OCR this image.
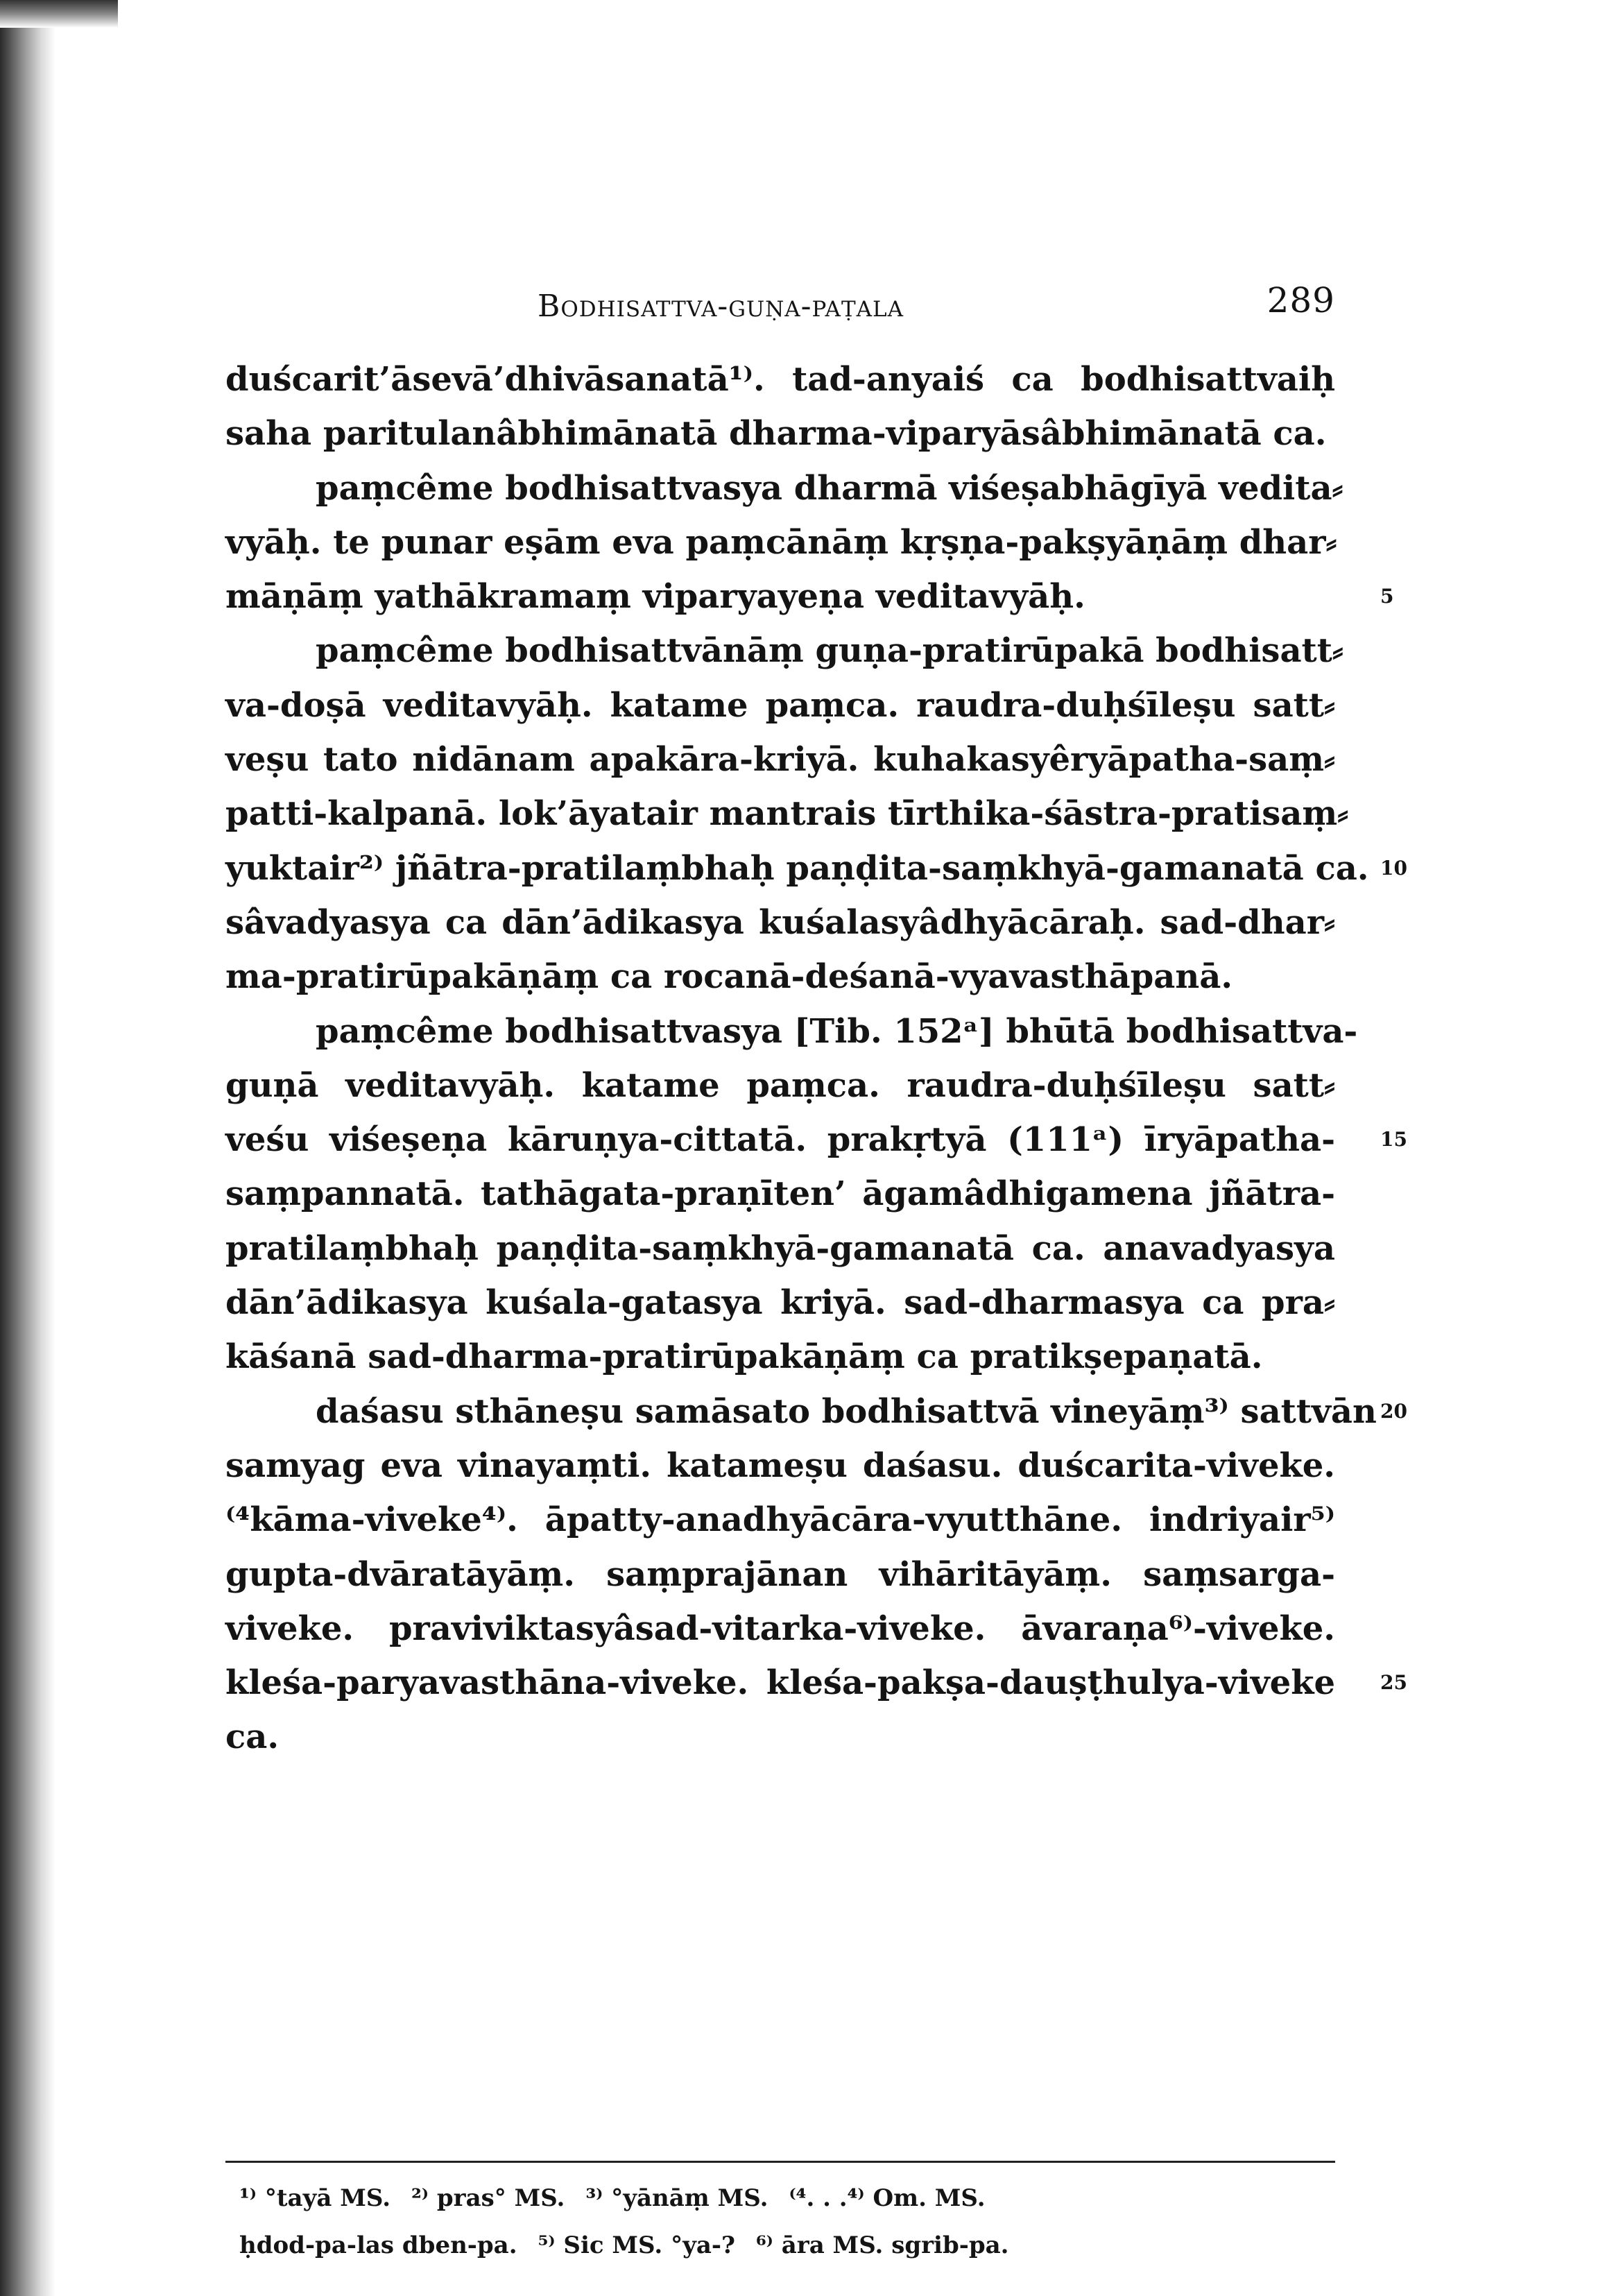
Bodhisattva-guṇa-paṭala	289
duścarit’āsevā’dhivāsanatā¹⁾. tad-anyaiś ca bodhisattvaiḥ
saha paritulanâbhimānatā dharma-viparyāsâbhimānatā ca.
paṃcême bodhisattvasya dharmā viśeṣabhāgīyā vedita⸗
vyāḥ. te punar eṣām eva paṃcānāṃ kṛṣṇa-pakṣyāṇāṃ dhar⸗
māṇāṃ yathākramaṃ viparyayeṇa veditavyāḥ.	5
paṃcême bodhisattvānāṃ guṇa-pratirūpakā bodhisatt⸗
va-doṣā veditavyāḥ. katame paṃca. raudra-duḥśīleṣu satt⸗
veṣu tato nidānam apakāra-kriyā. kuhakasyêryāpatha-saṃ⸗
patti-kalpanā. lok’āyatair mantrais tīrthika-śāstra-pratisaṃ⸗
yuktair²⁾ jñātra-pratilaṃbhaḥ paṇḍita-saṃkhyā-gamanatā ca. 10
sâvadyasya ca dān’ādikasya kuśalasyâdhyācāraḥ. sad-dhar⸗
ma-pratirūpakāṇāṃ ca rocanā-deśanā-vyavasthāpanā.
paṃcême bodhisattvasya [Tib. 152ᵃ] bhūtā bodhisattva-
guṇā veditavyāḥ. katame paṃca. raudra-duḥśīleṣu satt⸗
veśu viśeṣeṇa kāruṇya-cittatā. prakṛtyā (111ᵃ) īryāpatha- 15
saṃpannatā. tathāgata-praṇīten’ āgamâdhigamena jñātra-
pratilaṃbhaḥ paṇḍita-saṃkhyā-gamanatā ca. anavadyasya
dān’ādikasya kuśala-gatasya kriyā. sad-dharmasya ca pra⸗
kāśanā sad-dharma-pratirūpakāṇāṃ ca pratikṣepaṇatā.
daśasu sthāneṣu samāsato bodhisattvā vineyāṃ³⁾ sattvān 20
samyag eva vinayaṃti. katameṣu daśasu. duścarita-viveke.
⁽⁴kāma-viveke⁴⁾. āpatty-anadhyācāra-vyutthāne. indriyair⁵⁾
gupta-dvāratāyāṃ. saṃprajānan vihāritāyāṃ. saṃsarga-
viveke. praviviktasyâsad-vitarka-viveke. āvaraṇa⁶⁾-viveke.
kleśa-paryavasthāna-viveke. kleśa-pakṣa-dauṣṭhulya-viveke 25
ca.
¹⁾ °tayā MS. ²⁾ pras° MS. ³⁾ °yānāṃ MS. ⁽⁴. . .⁴⁾ Om. MS.
ḥdod-pa-las dben-pa. ⁵⁾ Sic MS. °ya-? ⁶⁾ āra MS. sgrib-pa.
